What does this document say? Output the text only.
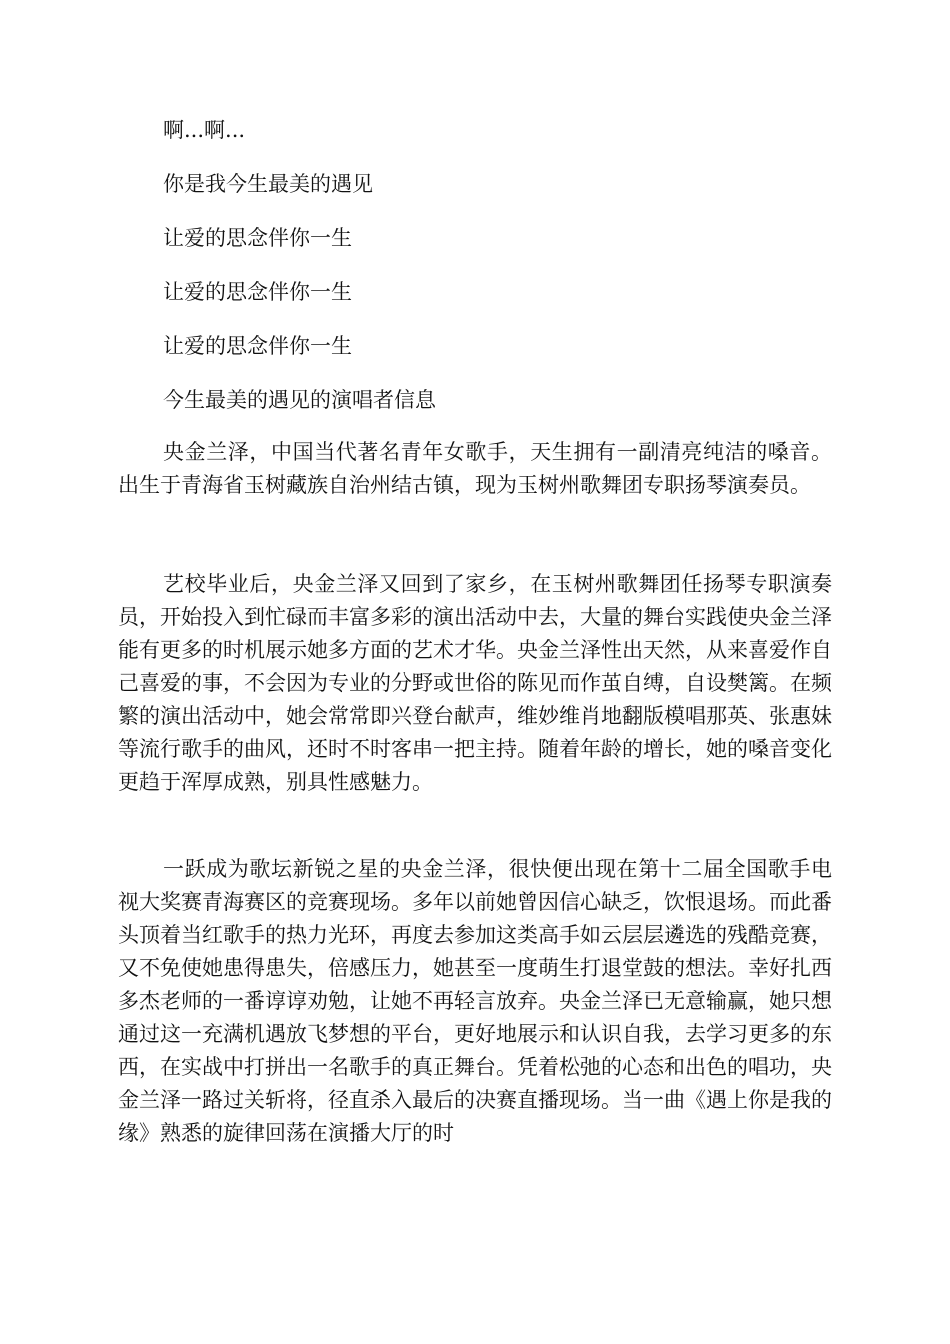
啊...啊...
你是我今生最美的遇见
让爱的思念伴你一生
让爱的思念伴你一生
让爱的思念伴你一生
今生最美的遇见的演唱者信息

央金兰泽，中国当代著名青年女歌手，天生拥有一副清亮纯洁的嗓音。出生于青海省玉树藏族自治州结古镇，现为玉树州歌舞团专职扬琴演奏员。

艺校毕业后，央金兰泽又回到了家乡，在玉树州歌舞团任扬琴专职演奏员，开始投入到忙碌而丰富多彩的演出活动中去，大量的舞台实践使央金兰泽能有更多的时机展示她多方面的艺术才华。央金兰泽性出天然，从来喜爱作自己喜爱的事，不会因为专业的分野或世俗的陈见而作茧自缚，自设樊篱。在频繁的演出活动中，她会常常即兴登台献声，维妙维肖地翻版模唱那英、张惠妹等流行歌手的曲风，还时不时客串一把主持。随着年龄的增长，她的嗓音变化更趋于浑厚成熟，别具性感魅力。

一跃成为歌坛新锐之星的央金兰泽，很快便出现在第十二届全国歌手电视大奖赛青海赛区的竞赛现场。多年以前她曾因信心缺乏，饮恨退场。而此番头顶着当红歌手的热力光环，再度去参加这类高手如云层层遴选的残酷竞赛，又不免使她患得患失，倍感压力，她甚至一度萌生打退堂鼓的想法。幸好扎西多杰老师的一番谆谆劝勉，让她不再轻言放弃。央金兰泽已无意输赢，她只想通过这一充满机遇放飞梦想的平台，更好地展示和认识自我，去学习更多的东西，在实战中打拼出一名歌手的真正舞台。凭着松弛的心态和出色的唱功，央金兰泽一路过关斩将，径直杀入最后的决赛直播现场。当一曲《遇上你是我的缘》熟悉的旋律回荡在演播大厅的时
